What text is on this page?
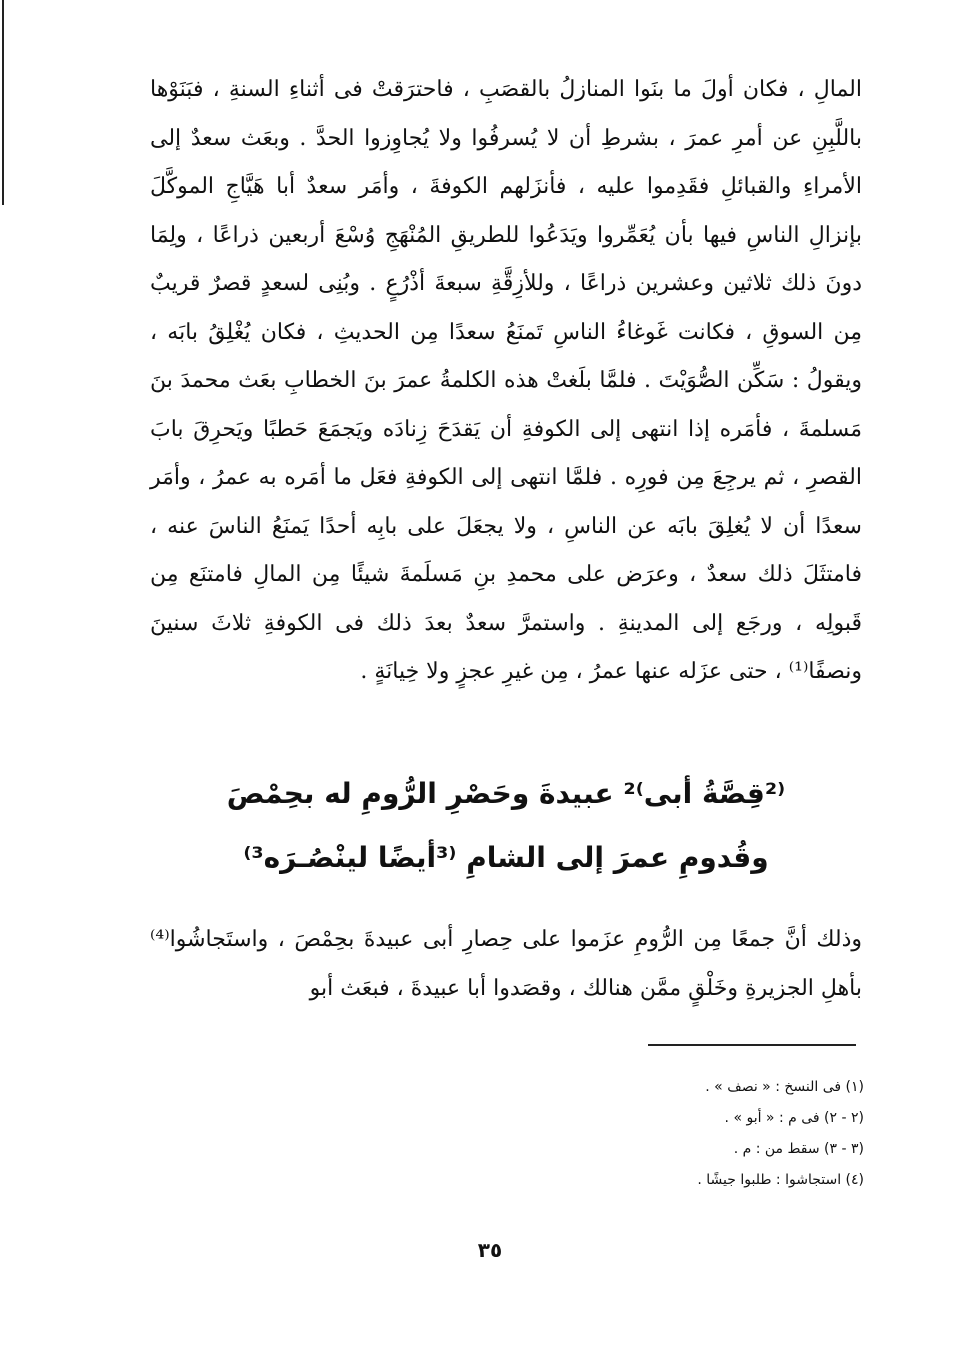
المالِ ، فكان أولَ ما بنَوا المنازلُ بالقصَبِ ، فاحترَقتْ فى أثناءِ السنةِ ، فبَنَوْها باللَّبِنِ عن أمرِ عمرَ ، بشرطِ أن لا يُسرفُوا ولا يُجاوِزوا الحدَّ . وبعَث سعدٌ إلى الأمراءِ والقبائلِ فقَدِموا عليه ، فأنزَلهم الكوفةَ ، وأمَر سعدٌ أبا هَيَّاجِ الموكَّلَ بإنزالِ الناسِ فيها بأن يُعَمِّروا ويَدَعُوا للطريقِ المُنْهَجِ وُسْعَ أربعين ذراعًا ، ولِمَا دونَ ذلك ثلاثين وعشرين ذراعًا ، وللأزِقَّةِ سبعةَ أذْرُعٍ . وبُنِى لسعدٍ قصرٌ قريبٌ مِن السوقِ ، فكانت غَوغاءُ الناسِ تَمنَعُ سعدًا مِن الحديثِ ، فكان يُغْلِقُ بابَه ، ويقولُ : سَكِّن الصُّوَيْتَ . فلمَّا بلَغتْ هذه الكلمةُ عمرَ بنَ الخطابِ بعَث محمدَ بنَ مَسلمةَ ، فأمَره إذا انتهى إلى الكوفةِ أن يَقدَحَ زِنادَه ويَجمَعَ حَطبًا ويَحرِقَ بابَ القصرِ ، ثم يرجِعَ مِن فورِه . فلمَّا انتهى إلى الكوفةِ فعَل ما أمَره به عمرُ ، وأمَر سعدًا أن لا يُغلِقَ بابَه عن الناسِ ، ولا يجعَلَ على بابِه أحدًا يَمنَعُ الناسَ عنه ، فامتثَلَ ذلك سعدٌ ، وعرَض على محمدِ بنِ مَسلَمةَ شيئًا مِن المالِ فامتنَع مِن قَبولِه ، ورجَع إلى المدينةِ . واستمرَّ سعدٌ بعدَ ذلك فى الكوفةِ ثلاثَ سنينَ ونصفًا⁽¹⁾ ، حتى عزَله عنها عمرُ ، مِن غيرِ عجزٍ ولا خِيانَةٍ .

⁽²قِصَّةُ أبى⁾² عبيدةَ وحَصْرِ الرُّومِ له بحِمْصَ
وقُدومِ عمرَ إلى الشامِ ⁽³أيضًا لينْصُـرَه³⁾

وذلك أنَّ جمعًا مِن الرُّومِ عزَموا على حِصارِ أبى عبيدةَ بحِمْصَ ، واستَجاشُوا⁽⁴⁾ بأهلِ الجزيرةِ وخَلْقٍ ممَّن هنالك ، وقصَدوا أبا عبيدةَ ، فبعَث أبو

(١) فى النسخ : « نصف » .
(٢ - ٢) فى م : « أبو » .
(٣ - ٣) سقط من : م .
(٤) استجاشوا : طلبوا جيشًا .
٣٥
